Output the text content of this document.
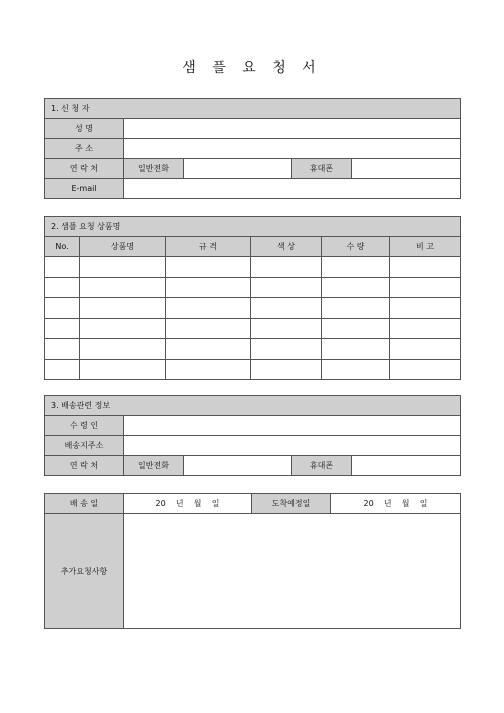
샘 플 요 청 서
1. 신 청 자				
성 명				
주 소				
연 락 처	일반전화		휴대폰	
E-mail				
2. 샘플 요청 상품명					
No.	상품명	규 격	색 상	수 량	비 고

3. 배송관련 정보				
수 령 인				
배송지주소				
연 락 처	일반전화		휴대폰	
배 송 일	20    년    월    일	도착예정일	20    년    월    일
추가요청사항			
